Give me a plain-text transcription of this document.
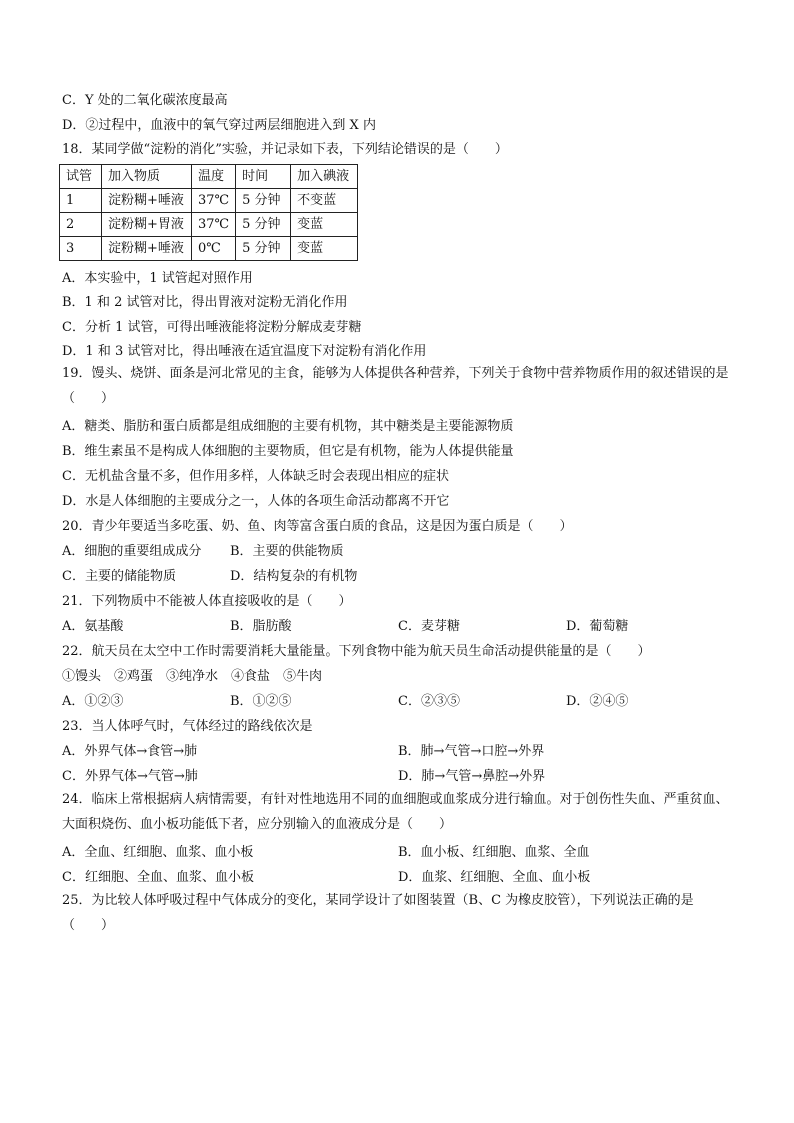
C．Y 处的二氧化碳浓度最高
D．②过程中，血液中的氧气穿过两层细胞进入到 X 内
18．某同学做“淀粉的消化”实验，并记录如下表，下列结论错误的是（　　）
试管	加入物质	温度	时间	加入碘液
1	淀粉糊+唾液	37℃	5 分钟	不变蓝
2	淀粉糊+胃液	37℃	5 分钟	变蓝
3	淀粉糊+唾液	0℃	5 分钟	变蓝
A．本实验中，1 试管起对照作用
B．1 和 2 试管对比，得出胃液对淀粉无消化作用
C．分析 1 试管，可得出唾液能将淀粉分解成麦芽糖
D．1 和 3 试管对比，得出唾液在适宜温度下对淀粉有消化作用
19．馒头、烧饼、面条是河北常见的主食，能够为人体提供各种营养，下列关于食物中营养物质作用的叙述错误的是（　　）
A．糖类、脂肪和蛋白质都是组成细胞的主要有机物，其中糖类是主要能源物质
B．维生素虽不是构成人体细胞的主要物质，但它是有机物，能为人体提供能量
C．无机盐含量不多，但作用多样，人体缺乏时会表现出相应的症状
D．水是人体细胞的主要成分之一，人体的各项生命活动都离不开它
20．青少年要适当多吃蛋、奶、鱼、肉等富含蛋白质的食品，这是因为蛋白质是（　　）
A．细胞的重要组成成分 B．主要的供能物质
C．主要的储能物质	D．结构复杂的有机物
21．下列物质中不能被人体直接吸收的是（　　）
A．氨基酸	B．脂肪酸	C．麦芽糖	D．葡萄糖
22．航天员在太空中工作时需要消耗大量能量。下列食物中能为航天员生命活动提供能量的是（　　）
①馒头　②鸡蛋　③纯净水　④食盐　⑤牛肉
A．①②③	B．①②⑤	C．②③⑤	D．②④⑤
23．当人体呼气时，气体经过的路线依次是
A．外界气体→食管→肺	B．肺→气管→口腔→外界
C．外界气体→气管→肺	D．肺→气管→鼻腔→外界
24．临床上常根据病人病情需要，有针对性地选用不同的血细胞或血浆成分进行输血。对于创伤性失血、严重贫血、大面积烧伤、血小板功能低下者，应分别输入的血液成分是（　　）
A．全血、红细胞、血浆、血小板	B．血小板、红细胞、血浆、全血
C．红细胞、全血、血浆、血小板	D．血浆、红细胞、全血、血小板
25．为比较人体呼吸过程中气体成分的变化，某同学设计了如图装置（B、C 为橡皮胶管），下列说法正确的是（　　）
